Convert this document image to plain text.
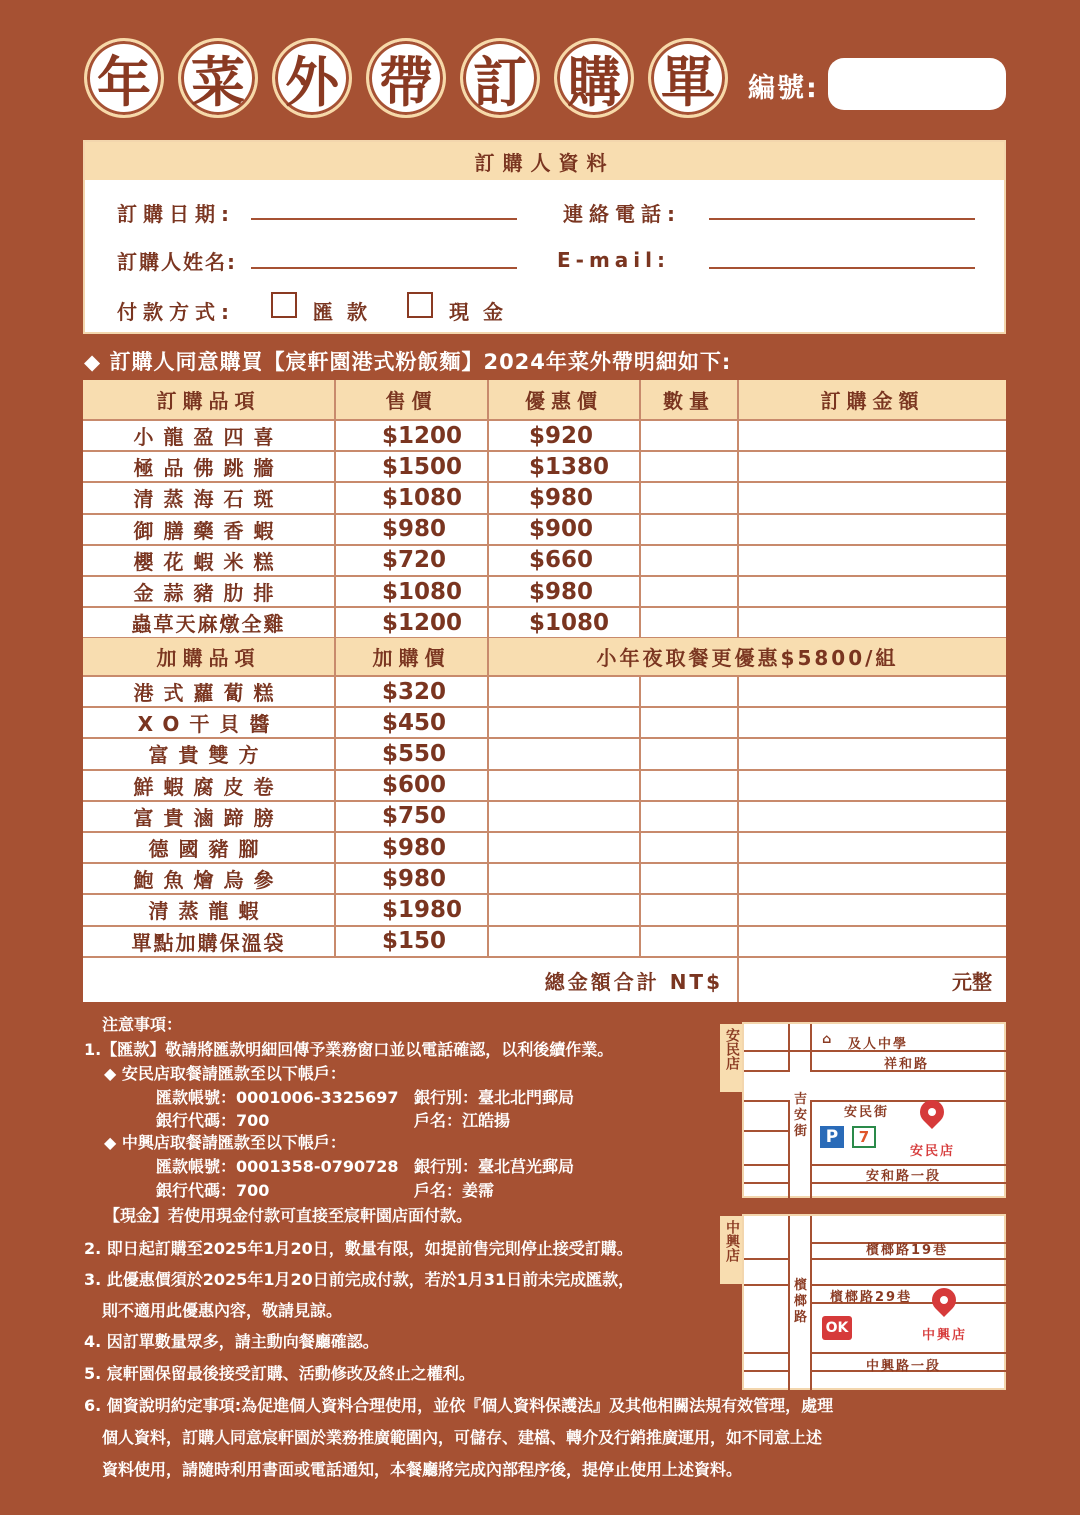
年 菜 外 帶 訂 購 單	編號:
訂購人資料
訂購日期:	連絡電話:
訂購人姓名:	E-mail:
付款方式:	匯款	現金
◆ 訂購人同意購買【宸軒園港式粉飯麵】2024年菜外帶明細如下:
訂購品項	售價	優惠價	數量	訂購金額
小龍盈四喜	$1200	$920
極品佛跳牆	$1500	$1380
清蒸海石斑	$1080	$980
御膳藥香蝦	$980	$900
櫻花蝦米糕	$720	$660
金蒜豬肋排	$1080	$980
蟲草天麻燉全雞	$1200	$1080
加購品項	加購價	小年夜取餐更優惠$5800/組
港式蘿蔔糕	$320
XO干貝醬	$450
富貴雙方	$550
鮮蝦腐皮卷	$600
富貴滷蹄膀	$750
德國豬腳	$980
鮑魚燴烏參	$980
清蒸龍蝦	$1980
單點加購保溫袋	$150
總金額合計 NT$	元整
注意事項：
1.【匯款】敬請將匯款明細回傳予業務窗口並以電話確認，以利後續作業。
◆ 安民店取餐請匯款至以下帳戶：
匯款帳號：0001006-3325697 銀行別：臺北北門郵局
銀行代碼：700	戶名：江皓揚
◆ 中興店取餐請匯款至以下帳戶：
匯款帳號：0001358-0790728 銀行別：臺北莒光郵局
銀行代碼：700	戶名：姜霈
【現金】若使用現金付款可直接至宸軒園店面付款。
2. 即日起訂購至2025年1月20日，數量有限，如提前售完則停止接受訂購。
3. 此優惠價須於2025年1月20日前完成付款，若於1月31日前未完成匯款，
則不適用此優惠內容，敬請見諒。
4. 因訂單數量眾多，請主動向餐廳確認。
5. 宸軒園保留最後接受訂購、活動修改及終止之權利。
6. 個資說明約定事項:為促進個人資料合理使用，並依『個人資料保護法』及其他相關法規有效管理，處理
個人資料，訂購人同意宸軒園於業務推廣範圍內，可儲存、建檔、轉介及行銷推廣運用，如不同意上述
資料使用，請隨時利用書面或電話通知，本餐廳將完成內部程序後，提停止使用上述資料。
安民店	⌂ 及人中學
祥和路
安民街
吉安街
安和路一段
P	7
安民店
中興店	檳榔路19巷
檳榔路29巷
檳榔路
中興路一段
OK	中興店
